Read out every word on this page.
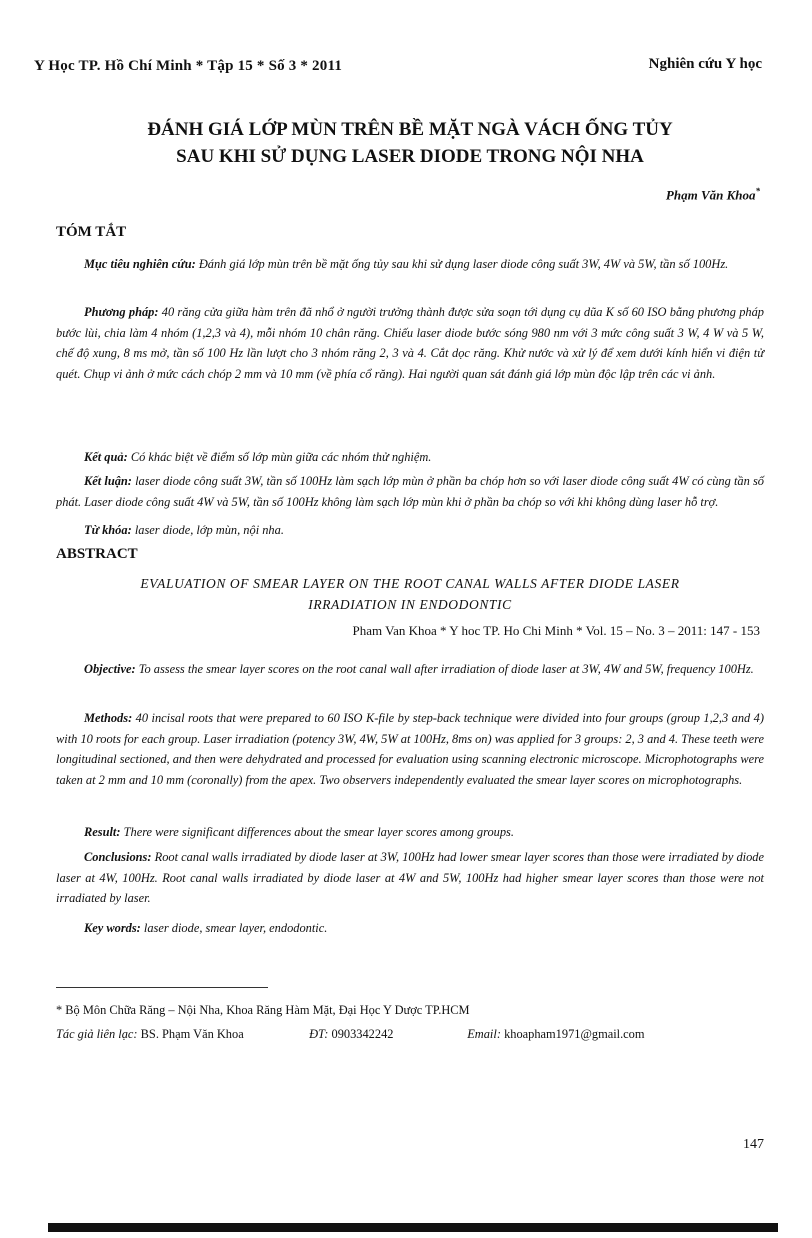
Y Học TP. Hồ Chí Minh * Tập 15 * Số 3 * 2011	Nghiên cứu Y học
ĐÁNH GIÁ LỚP MÙN TRÊN BỀ MẶT NGÀ VÁCH ỐNG TỦY
SAU KHI SỬ DỤNG LASER DIODE TRONG NỘI NHA
Phạm Văn Khoa*
TÓM TẮT
Mục tiêu nghiên cứu: Đánh giá lớp mùn trên bề mặt ống tủy sau khi sử dụng laser diode công suất 3W, 4W và 5W, tần số 100Hz.
Phương pháp: 40 răng cửa giữa hàm trên đã nhổ ở người trưởng thành được sửa soạn tới dụng cụ dũa K số 60 ISO bằng phương pháp bước lùi, chia làm 4 nhóm (1,2,3 và 4), mỗi nhóm 10 chân răng. Chiếu laser diode bước sóng 980 nm với 3 mức công suất 3 W, 4 W và 5 W, chế độ xung, 8 ms mở, tần số 100 Hz lần lượt cho 3 nhóm răng 2, 3 và 4. Cắt dọc răng. Khử nước và xử lý để xem dưới kính hiển vi điện tử quét. Chụp vi ảnh ở mức cách chóp 2 mm và 10 mm (về phía cổ răng). Hai người quan sát đánh giá lớp mùn độc lập trên các vi ảnh.
Kết quả: Có khác biệt về điểm số lớp mùn giữa các nhóm thử nghiệm.
Kết luận: laser diode công suất 3W, tần số 100Hz làm sạch lớp mùn ở phần ba chóp hơn so với laser diode công suất 4W có cùng tần số phát. Laser diode công suất 4W và 5W, tần số 100Hz không làm sạch lớp mùn khi ở phần ba chóp so với khi không dùng laser hỗ trợ.
Từ khóa: laser diode, lớp mùn, nội nha.
ABSTRACT
EVALUATION OF SMEAR LAYER ON THE ROOT CANAL WALLS AFTER DIODE LASER
IRRADIATION IN ENDODONTIC
Pham Van Khoa * Y hoc TP. Ho Chi Minh * Vol. 15 – No. 3 – 2011: 147 - 153
Objective: To assess the smear layer scores on the root canal wall after irradiation of diode laser at 3W, 4W and 5W, frequency 100Hz.
Methods: 40 incisal roots that were prepared to 60 ISO K-file by step-back technique were divided into four groups (group 1,2,3 and 4) with 10 roots for each group. Laser irradiation (potency 3W, 4W, 5W at 100Hz, 8ms on) was applied for 3 groups: 2, 3 and 4. These teeth were longitudinal sectioned, and then were dehydrated and processed for evaluation using scanning electronic microscope. Microphotographs were taken at 2 mm and 10 mm (coronally) from the apex. Two observers independently evaluated the smear layer scores on microphotographs.
Result: There were significant differences about the smear layer scores among groups.
Conclusions: Root canal walls irradiated by diode laser at 3W, 100Hz had lower smear layer scores than those were irradiated by diode laser at 4W, 100Hz. Root canal walls irradiated by diode laser at 4W and 5W, 100Hz had higher smear layer scores than those were not irradiated by laser.
Key words: laser diode, smear layer, endodontic.
* Bộ Môn Chữa Răng – Nội Nha, Khoa Răng Hàm Mặt, Đại Học Y Dược TP.HCM
Tác giả liên lạc: BS. Phạm Văn Khoa	ĐT: 0903342242	Email: khoapham1971@gmail.com
147
